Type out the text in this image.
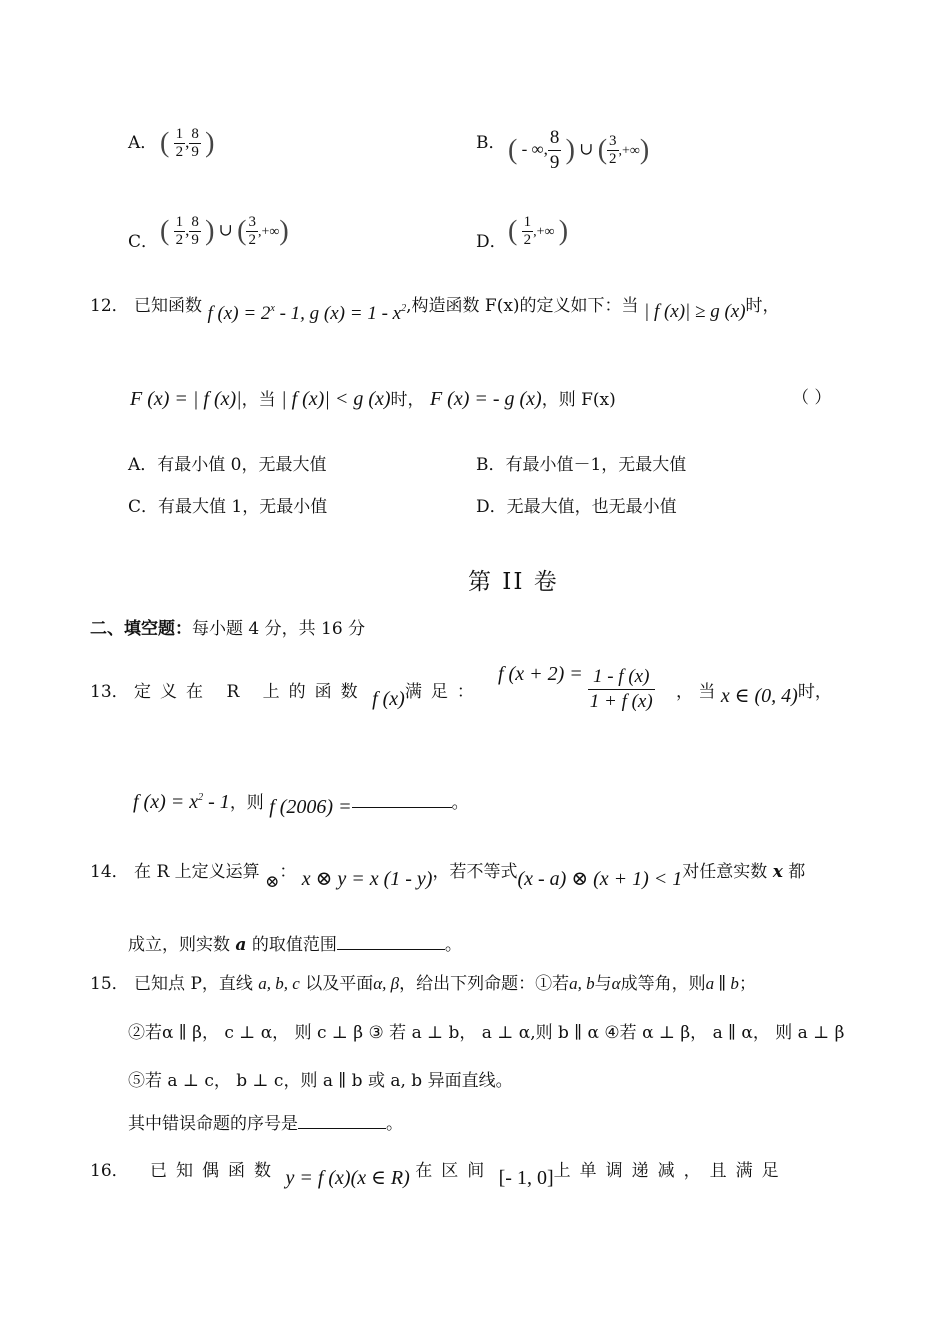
A． ( $\frac{1}{2}$ , $\frac{8}{9}$ )	B． ( - ∞, $\frac{8}{9}$ ) ∪ ( $\frac{3}{2}$ ,+∞)
C． ( $\frac{1}{2}$ , $\frac{8}{9}$ ) ∪ ( $\frac{3}{2}$ ,+∞)	D． ( $\frac{1}{2}$ ,+∞ )
12． 已知函数 f $(x) = 2^x - 1$, g $(x) = 1 - x^2$,构造函数 F(x)的定义如下：当 | f (x)| ≥ g (x)时，
F (x) = | f (x)|，当 | f (x)| < g (x)时， F (x) = - g (x)，则 F(x)	（ ）
A．有最小值 0，无最大值	B．有最小值－1，无最大值
C．有最大值 1，无最小值	D．无最大值，也无最小值
第 II 卷
二、填空题：每小题 4 分，共 16 分
13． 定义在 R 上的函数 f (x)满足：
f $(x + 2) = \frac{1 - f (x)}{1 + f (x)}$ ， 当 x ∈ (0, 4)时，
f $(x) = x^2 - 1$，则 f (2006) =	。
14． 在 R 上定义运算 ⊗： x ⊗ y = x (1 - y)，若不等式(x - a) ⊗ (x + 1) < 1对任意实数 x 都
成立，则实数 a 的取值范围	。
15． 已知点 P，直线 a, b, c 以及平面α, β，给出下列命题：①若a, b与α成等角，则a ∥ b；
②若α ∥ β， c ⊥ α， 则 c ⊥ β ③ 若 a ⊥ b， a ⊥ α,则 b ∥ α ④若 α ⊥ β， a ∥ α， 则 a ⊥ β
⑤若 a ⊥ c， b ⊥ c，则 a ∥ b 或 a, b 异面直线。
其中错误命题的序号是	。
16． 已知偶函数 y = f (x)(x ∈ R) 在区间 [- 1, 0]上单调递减，且满足
